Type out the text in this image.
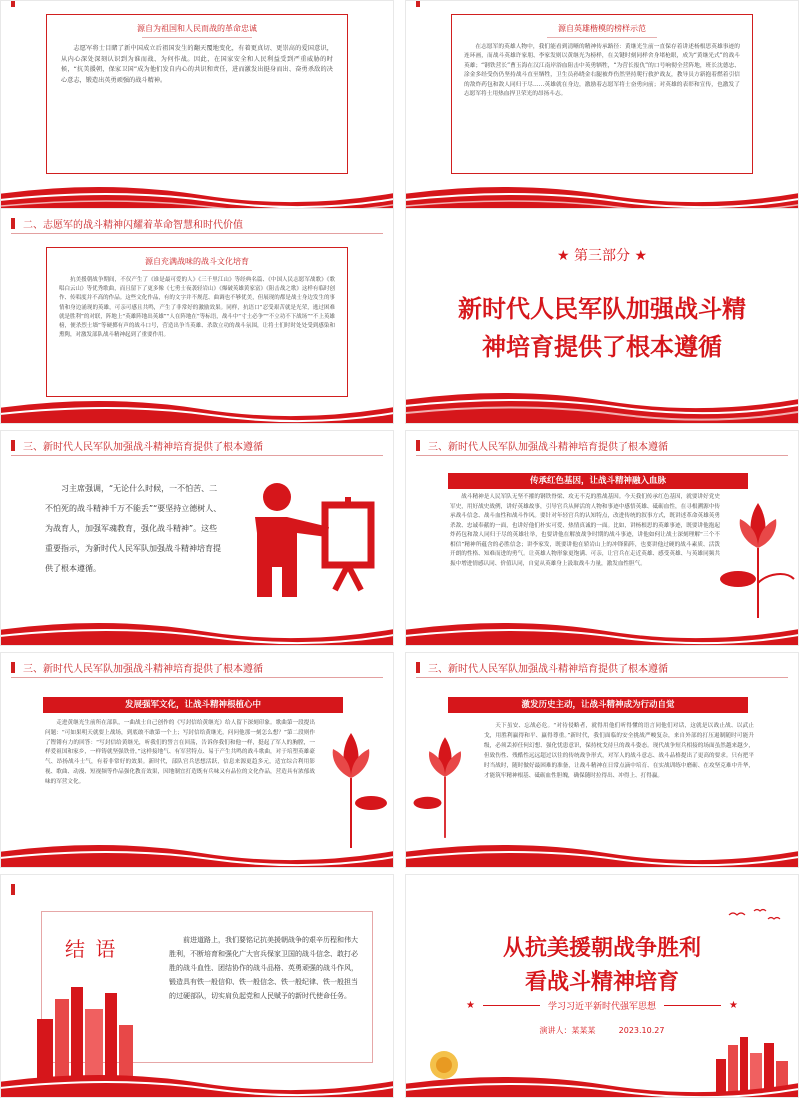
源自为祖国和人民而战的革命忠诚
志愿军将士目睹了新中国成立后祖国发生的翻天覆地变化，有着更真切、更崇高的爱国意识，从内心深处深刻认识到为谁而战、为何作战。因此，在国家安全和人民利益受到严重威胁的时候，“抗美援朝，保家卫国”成为他们发自内心的共识和责任，进而激发出挺身而出、奋勇杀敌的决心意志，锻造出英勇顽强的战斗精神。
源自英雄楷模的榜样示范
在志愿军的英雄人物中，我们能看到清晰的精神传承路径：黄继光生前一直保存着讲述杨根思英雄事迹的连环画，而战斗英雄许家朋、李家发则以黄继光为榜样，在关键时刻同样舍身堵枪眼，成为“黄继光式”的战斗英雄；“钢铁营长”曹玉海在汉江南岸浴血阻击中英勇牺牲，“为营长报仇”的口号响彻全营阵地，班长沈德忠、涂金多经受伤仍坚持战斗直至牺牲，卫生员孙晓金右腿被炸伤然坚持爬行救护战友，教导员方新抱着燃着引信的敌炸药包和敌人同归于尽……英雄就在身边，激励着志愿军将士奋勇向前；对英雄的表彰和宣传，也激发了志愿军将士用热血捍卫荣光的昂扬斗志。
二、志愿军的战斗精神闪耀着革命智慧和时代价值
源自充满战味的战斗文化培育
抗美援朝战争期间，不仅产生了《谁是最可爱的人》《三千里江山》等经典名篇、《中国人民志愿军战歌》《歌唱白云山》等优秀歌曲，而且留下了更多像《七勇士夜袭轻岩山》《爆破英雄黄家富》《阻击战之歌》这样有临时创作、传唱度并不高的作品。这些文化作品，有的文字并不规范、曲调也不够优美，但展现的都是战士身边发生的事情和身边涌现的英雄，可亲可感且共鸣，产生了非常好的激励效果。同样，抗语口“忍受艰苦就是光荣，逃过困难就是胜利”的对联，阵地上“英雄阵地出英雄”“人在阵地在”等标语，战斗中“寸土必争”“不立功不下战场”“不上英雄榜，便杀烈士墙”等硬掷有声的战斗口号，营造出争当英雄、杀敌立功的战斗氛围，让将士们时时处处受到感染和熏陶，对激发部队战斗精神起到了重要作用。
★ 第三部分 ★
新时代人民军队加强战斗精
神培育提供了根本遵循
三、新时代人民军队加强战斗精神培育提供了根本遵循
习主席强调，“无论什么时候，一不怕苦、二不怕死的战斗精神千万不能丢”“要坚持立德树人、为战育人，加强军魂教育，强化战斗精神”。这些重要指示，为新时代人民军队加强战斗精神培育提供了根本遵循。
三、新时代人民军队加强战斗精神培育提供了根本遵循
传承红色基因，让战斗精神融入血脉
战斗精神是人民军队无坚不摧的钢铁脊梁、攻无不克的胜战基因。今天我们传承红色基因，就要讲好党史军史，用好战史战例，讲好英雄故事，引导官兵从鲜活的人物和事迹中感悟英雄、砥砺血性，在寻根溯源中传承战斗信念、战斗血性和战斗作风。要针对年轻官兵的认知特点，改进传统的叙事方式，既讲述革命英雄英勇杀敌、忠诚奉献的一面，也讲好他们朴实可爱、热情真诚的一面。比如，讲杨根思的英雄事迹，既要讲他抱起炸药包和敌人同归于尽的英雄壮举，也要讲他在解放战争时期的战斗事迹，讲他如何让战士深刻理解“三个不相信”精神所蕴含的必胜信念；讲李家发，既要讲他在轿岩山上的冲锋陷阵，也要讲他过硬的战斗素质、活泼开朗的性格、知难而进的勇气。让英雄人物形象更饱满、可亲，让官兵在走近英雄、感受英雄、与英雄同频共振中增进情感认同、价值认同，自觉从英雄身上汲取战斗力量，激发血性胆气。
三、新时代人民军队加强战斗精神培育提供了根本遵循
发展强军文化，让战斗精神根植心中
走进黄继光生前所在部队，一曲战士自己创作的《写封信给黄继光》给人留下深刻印象。歌曲第一段提出问题：“可如果明天就要上战场，到底敢不敢第一个上；写封信给黄继光，问问他那一刻怎么想？”第二段则作了铿锵有力的回答：“写封信给黄继光，听我们的誓言在回荡，告诉你我们和他一样，挺起了军人的胸膛，一样爱祖国和家乡，一样铸就坚强铁骨，”这样接地气、有军营特点、易于产生共鸣的战斗歌曲，对于培塑英雄豪气、昂扬战斗士气，有着非常好的效果。新时代，部队官兵思想活跃，信息来源更趋多元，适宜综合利用影视、歌曲、动漫、短视频等作品强化教育效果，因地制宜打造既有兵味又有品位的文化作品，营造具有浓郁战味的军营文化。
三、新时代人民军队加强战斗精神培育提供了根本遵循
激发历史主动，让战斗精神成为行动自觉
天下虽安、忘战必危。“对待侵略者，就得用他们听得懂的语言同他们对话，这就是以战止战、以武止戈，用胜利赢得和平、赢得尊重。”新时代，我们面临的安全挑战严峻复杂，来自外部的打压遏制随时可能升级，必须丢掉任何幻想、强化忧患意识，保持枕戈待旦的战斗姿态。现代战争短兵相接的场面虽然越来越少，但致伤性、残酷性远远超过以往的传统战争形式，对军人的战斗意志、战斗品格提出了更高的要求。只有把平时当战时，随时做好最困难的准备，让战斗精神在日常点滴中培育、在实战训练中磨砺、在攻坚克难中升华，才能筑牢精神根基、砥砺血性胆魄，确保随时拉得出、冲得上、打得赢。
结 语	前进道路上，我们要铭记抗美援朝战争的艰辛历程和伟大胜利，不断培育和强化广大官兵保家卫国的战斗信念、敢打必胜的战斗血性、团结协作的战斗品格、英勇顽强的战斗作风，锻造具有铁一般信仰、铁一般信念、铁一般纪律、铁一般担当的过硬部队，切实肩负起党和人民赋予的新时代使命任务。
从抗美援朝战争胜利
看战斗精神培育
★	学习习近平新时代强军思想	★
演讲人：某某某	2023.10.27
